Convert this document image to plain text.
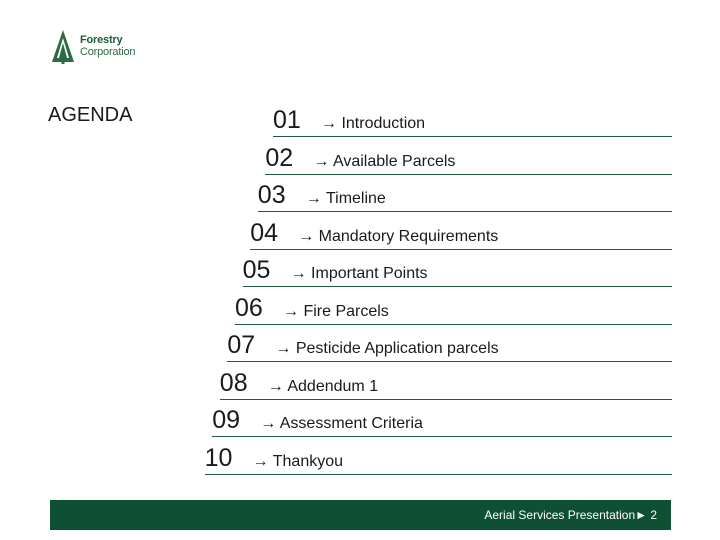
Forestry
Corporation
AGENDA	01 → Introduction
02 → Available Parcels
03 → Timeline
04 → Mandatory Requirements
05 → Important Points
06 → Fire Parcels
07 → Pesticide Application parcels
08 → Addendum 1
09 → Assessment Criteria
10 → Thankyou
Aerial Services Presentation► 2
